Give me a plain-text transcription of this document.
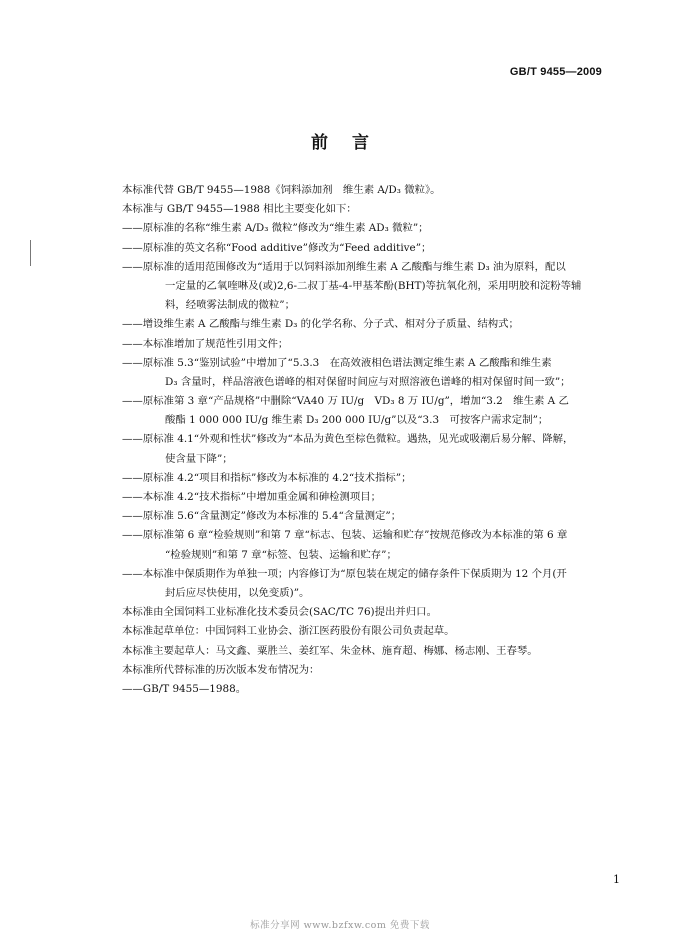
GB/T 9455—2009
前言
本标准代替 GB/T 9455—1988《饲料添加剂　维生素 A/D₃ 微粒》。
本标准与 GB/T 9455—1988 相比主要变化如下：
——原标准的名称“维生素 A/D₃ 微粒”修改为“维生素 AD₃ 微粒”；
——原标准的英文名称“Food additive”修改为“Feed additive”；
——原标准的适用范围修改为“适用于以饲料添加剂维生素 A 乙酸酯与维生素 D₃ 油为原料，配以
一定量的乙氧喹啉及(或)2,6-二叔丁基-4-甲基苯酚(BHT)等抗氧化剂，采用明胶和淀粉等辅
料，经喷雾法制成的微粒”；
——增设维生素 A 乙酸酯与维生素 D₃ 的化学名称、分子式、相对分子质量、结构式；
——本标准增加了规范性引用文件；
——原标准 5.3“鉴别试验”中增加了“5.3.3　在高效液相色谱法测定维生素 A 乙酸酯和维生素
D₃ 含量时，样品溶液色谱峰的相对保留时间应与对照溶液色谱峰的相对保留时间一致”；
——原标准第 3 章“产品规格”中删除“VA40 万 IU/g　VD₃ 8 万 IU/g”，增加“3.2　维生素 A 乙
酸酯 1 000 000 IU/g 维生素 D₃ 200 000 IU/g”以及“3.3　可按客户需求定制”；
——原标准 4.1“外观和性状”修改为“本品为黄色至棕色微粒。遇热，见光或吸潮后易分解、降解，
使含量下降”；
——原标准 4.2“项目和指标”修改为本标准的 4.2“技术指标”；
——本标准 4.2“技术指标”中增加重金属和砷检测项目；
——原标准 5.6“含量测定”修改为本标准的 5.4“含量测定”；
——原标准第 6 章“检验规则”和第 7 章“标志、包装、运输和贮存”按规范修改为本标准的第 6 章
“检验规则”和第 7 章“标签、包装、运输和贮存”；
——本标准中保质期作为单独一项；内容修订为“原包装在规定的储存条件下保质期为 12 个月(开
封后应尽快使用，以免变质)”。
本标准由全国饲料工业标准化技术委员会(SAC/TC 76)提出并归口。
本标准起草单位：中国饲料工业协会、浙江医药股份有限公司负责起草。
本标准主要起草人：马文鑫、粟胜兰、姜红军、朱金林、施育超、梅娜、杨志刚、王春琴。
本标准所代替标准的历次版本发布情况为：
——GB/T 9455—1988。
1
标准分享网 www.bzfxw.com 免费下载
